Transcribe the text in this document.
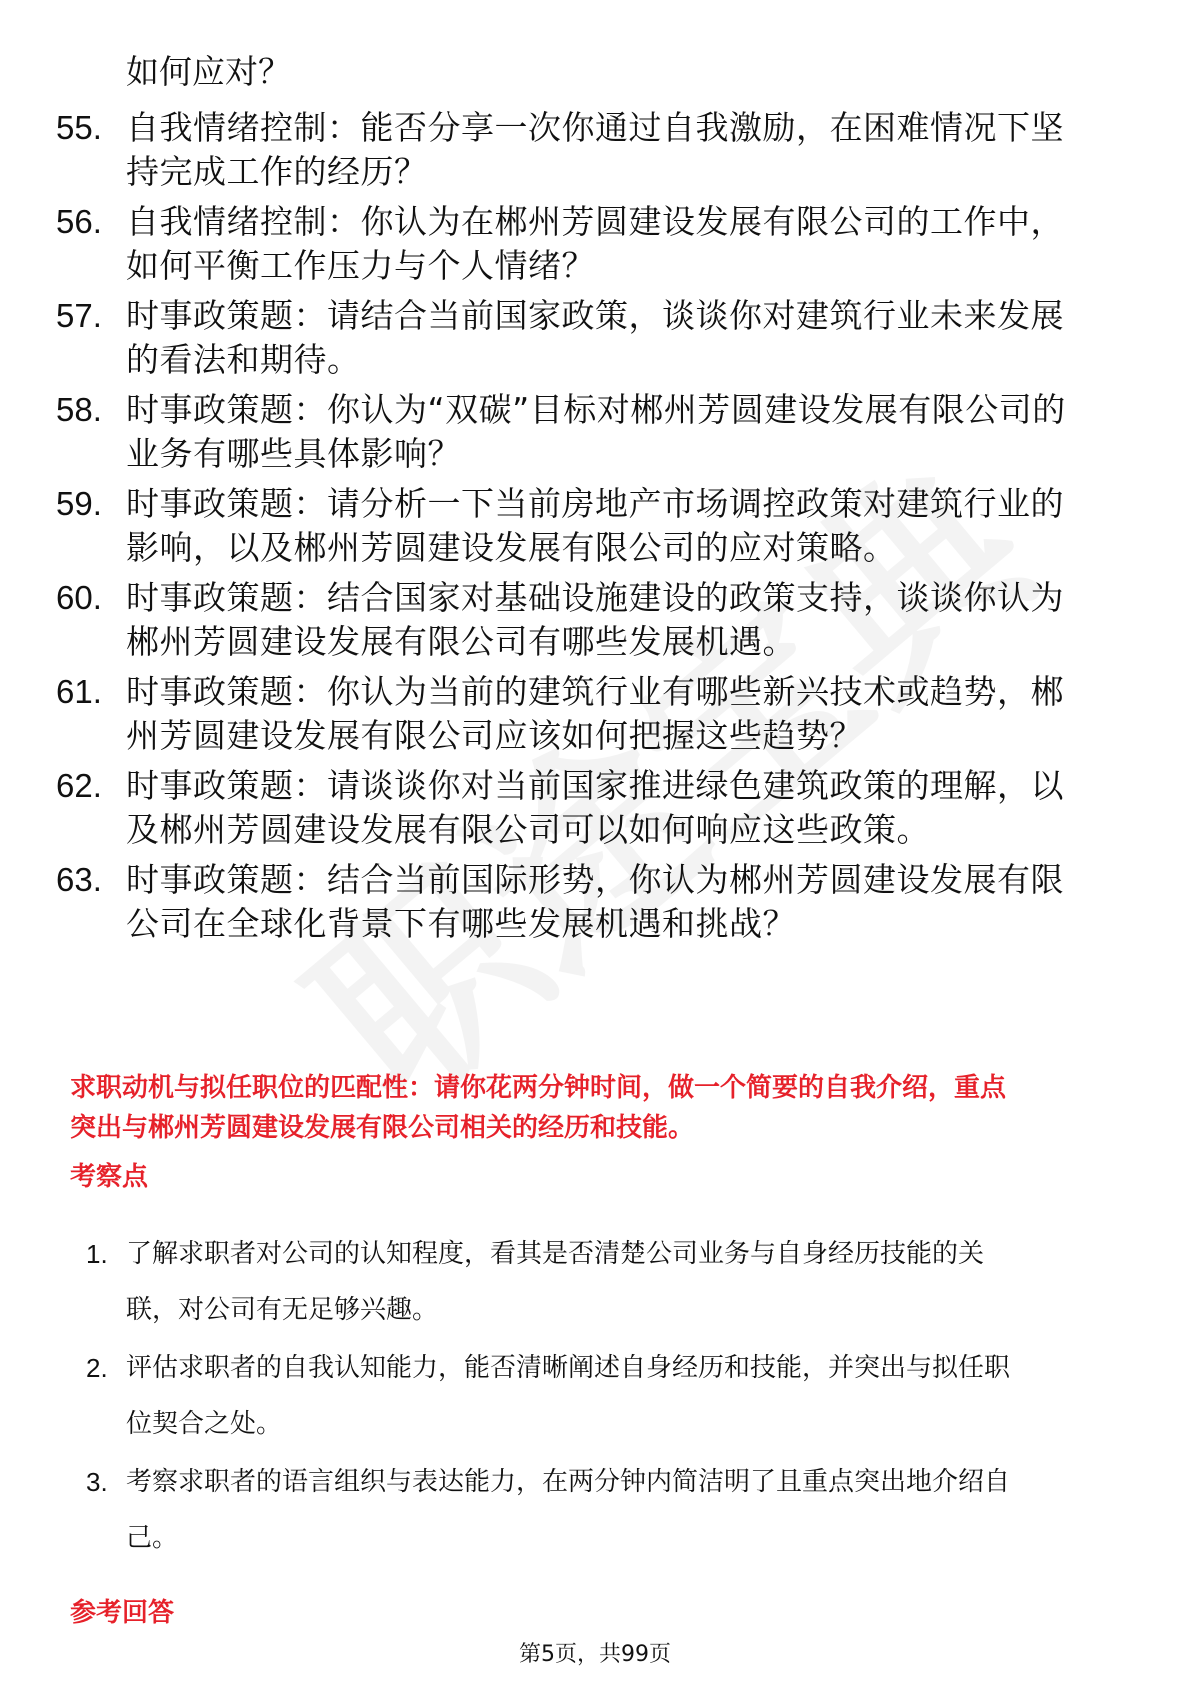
如何应对？
55. 自我情绪控制：能否分享一次你通过自我激励，在困难情况下坚
持完成工作的经历？
56. 自我情绪控制：你认为在郴州芳圆建设发展有限公司的工作中，
如何平衡工作压力与个人情绪？
57. 时事政策题：请结合当前国家政策，谈谈你对建筑行业未来发展
的看法和期待。
58. 时事政策题：你认为“双碳”目标对郴州芳圆建设发展有限公司的
业务有哪些具体影响？
59. 时事政策题：请分析一下当前房地产市场调控政策对建筑行业的
影响，以及郴州芳圆建设发展有限公司的应对策略。
60. 时事政策题：结合国家对基础设施建设的政策支持，谈谈你认为
郴州芳圆建设发展有限公司有哪些发展机遇。
61. 时事政策题：你认为当前的建筑行业有哪些新兴技术或趋势，郴
州芳圆建设发展有限公司应该如何把握这些趋势？
62. 时事政策题：请谈谈你对当前国家推进绿色建筑政策的理解，以
及郴州芳圆建设发展有限公司可以如何响应这些政策。
63. 时事政策题：结合当前国际形势，你认为郴州芳圆建设发展有限
公司在全球化背景下有哪些发展机遇和挑战？
求职动机与拟任职位的匹配性：请你花两分钟时间，做一个简要的自我介绍，重点
突出与郴州芳圆建设发展有限公司相关的经历和技能。
考察点
1. 了解求职者对公司的认知程度，看其是否清楚公司业务与自身经历技能的关
联，对公司有无足够兴趣。
2. 评估求职者的自我认知能力，能否清晰阐述自身经历和技能，并突出与拟任职
位契合之处。
3. 考察求职者的语言组织与表达能力，在两分钟内简洁明了且重点突出地介绍自
己。
参考回答
第5页，共99页
